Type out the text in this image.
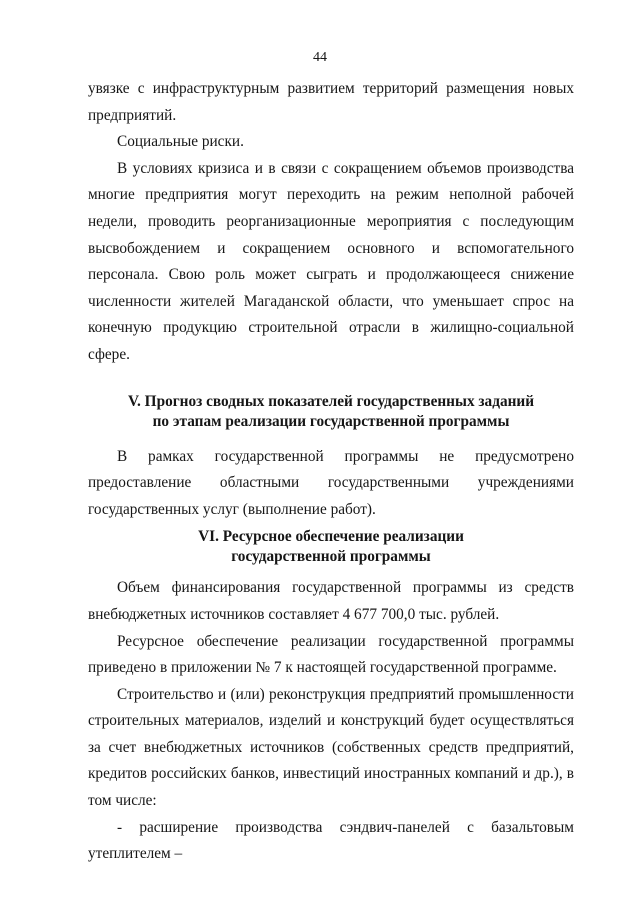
44

увязке с инфраструктурным развитием территорий размещения новых предприятий.

Социальные риски.

В условиях кризиса и в связи с сокращением объемов производства многие предприятия могут переходить на режим неполной рабочей недели, проводить реорганизационные мероприятия с последующим высвобождением и сокращением основного и вспомогательного персонала. Свою роль может сыграть и продолжающееся снижение численности жителей Магаданской области, что уменьшает спрос на конечную продукцию строительной отрасли в жилищно-социальной сфере.

V. Прогноз сводных показателей государственных заданий
по этапам реализации государственной программы

В рамках государственной программы не предусмотрено предоставление областными государственными учреждениями государственных услуг (выполнение работ).

VI. Ресурсное обеспечение реализации
государственной программы

Объем финансирования государственной программы из средств внебюджетных источников составляет 4 677 700,0 тыс. рублей.

Ресурсное обеспечение реализации государственной программы приведено в приложении № 7 к настоящей государственной программе.

Строительство и (или) реконструкция предприятий промышленности строительных материалов, изделий и конструкций будет осуществляться за счет внебюджетных источников (собственных средств предприятий, кредитов российских банков, инвестиций иностранных компаний и др.), в том числе:

- расширение производства сэндвич-панелей с базальтовым

утеплителем –
